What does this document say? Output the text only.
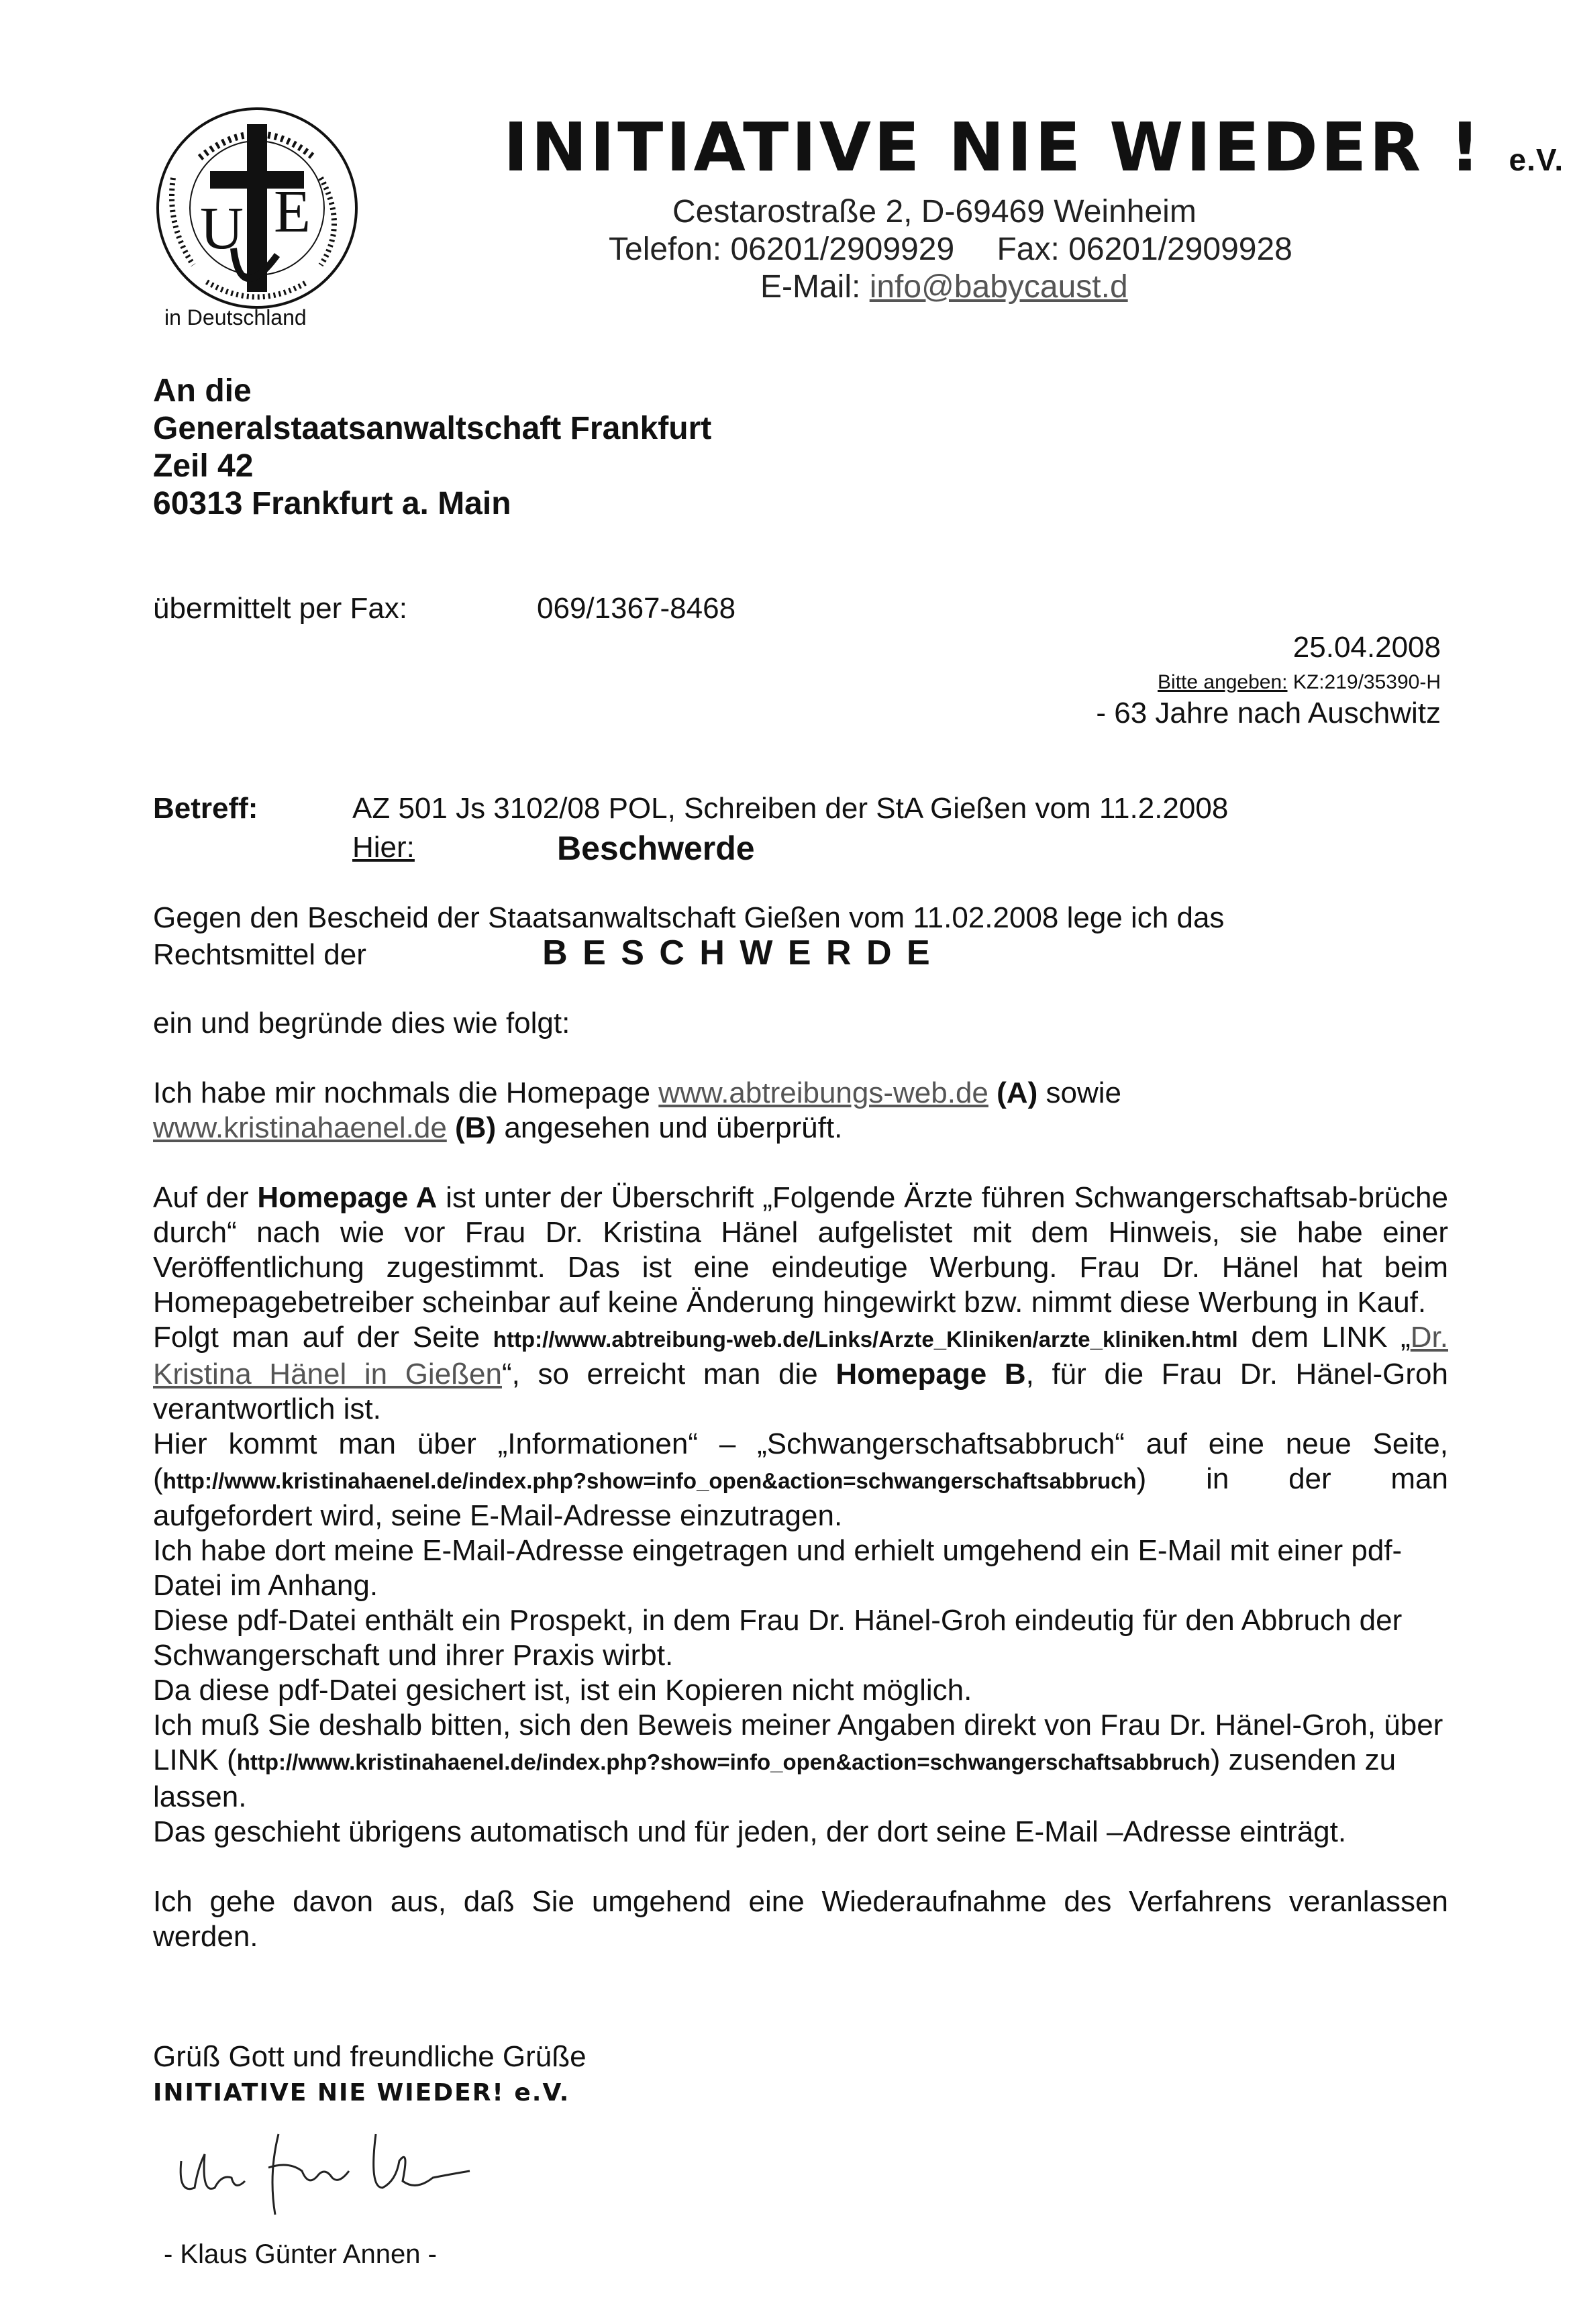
U E
in Deutschland
INITIATIVE NIE WIEDER ! e.V.
Cestarostraße 2, D-69469 Weinheim
Telefon: 06201/2909929 Fax: 06201/2909928
E-Mail: info@babycaust.d
An die
Generalstaatsanwaltschaft Frankfurt
Zeil 42
60313 Frankfurt a. Main
übermittelt per Fax:	069/1367-8468
25.04.2008
Bitte angeben: KZ:219/35390-H
- 63 Jahre nach Auschwitz
Betreff:	AZ 501 Js 3102/08 POL, Schreiben der StA Gießen vom 11.2.2008
Hier:	Beschwerde
Gegen den Bescheid der Staatsanwaltschaft Gießen vom 11.02.2008 lege ich das
Rechtsmittel der	B E S C H W E R D E
ein und begründe dies wie folgt:
Ich habe mir nochmals die Homepage www.abtreibungs-web.de (A) sowie
www.kristinahaenel.de (B) angesehen und überprüft.
Auf der Homepage A ist unter der Überschrift „Folgende Ärzte führen Schwangerschaftsab-brüche durch“ nach wie vor Frau Dr. Kristina Hänel aufgelistet mit dem Hinweis, sie habe einer Veröffentlichung zugestimmt. Das ist eine eindeutige Werbung. Frau Dr. Hänel hat beim Homepagebetreiber scheinbar auf keine Änderung hingewirkt bzw. nimmt diese Werbung in Kauf.
Folgt man auf der Seite http://www.abtreibung-web.de/Links/Arzte_Kliniken/arzte_kliniken.html dem LINK „Dr. Kristina Hänel in Gießen“, so erreicht man die Homepage B, für die Frau Dr. Hänel-Groh verantwortlich ist.
Hier kommt man über „Informationen“ – „Schwangerschaftsabbruch“ auf eine neue Seite, (http://www.kristinahaenel.de/index.php?show=info_open&action=schwangerschaftsabbruch) in der man aufgefordert wird, seine E-Mail-Adresse einzutragen.
Ich habe dort meine E-Mail-Adresse eingetragen und erhielt umgehend ein E-Mail mit einer pdf-Datei im Anhang.
Diese pdf-Datei enthält ein Prospekt, in dem Frau Dr. Hänel-Groh eindeutig für den Abbruch der Schwangerschaft und ihrer Praxis wirbt.
Da diese pdf-Datei gesichert ist, ist ein Kopieren nicht möglich.
Ich muß Sie deshalb bitten, sich den Beweis meiner Angaben direkt von Frau Dr. Hänel-Groh, über LINK (http://www.kristinahaenel.de/index.php?show=info_open&action=schwangerschaftsabbruch) zusenden zu lassen.
Das geschieht übrigens automatisch und für jeden, der dort seine E-Mail –Adresse einträgt.
Ich gehe davon aus, daß Sie umgehend eine Wiederaufnahme des Verfahrens veranlassen werden.
Grüß Gott und freundliche Grüße
INITIATIVE NIE WIEDER! e.V.
- Klaus Günter Annen -
